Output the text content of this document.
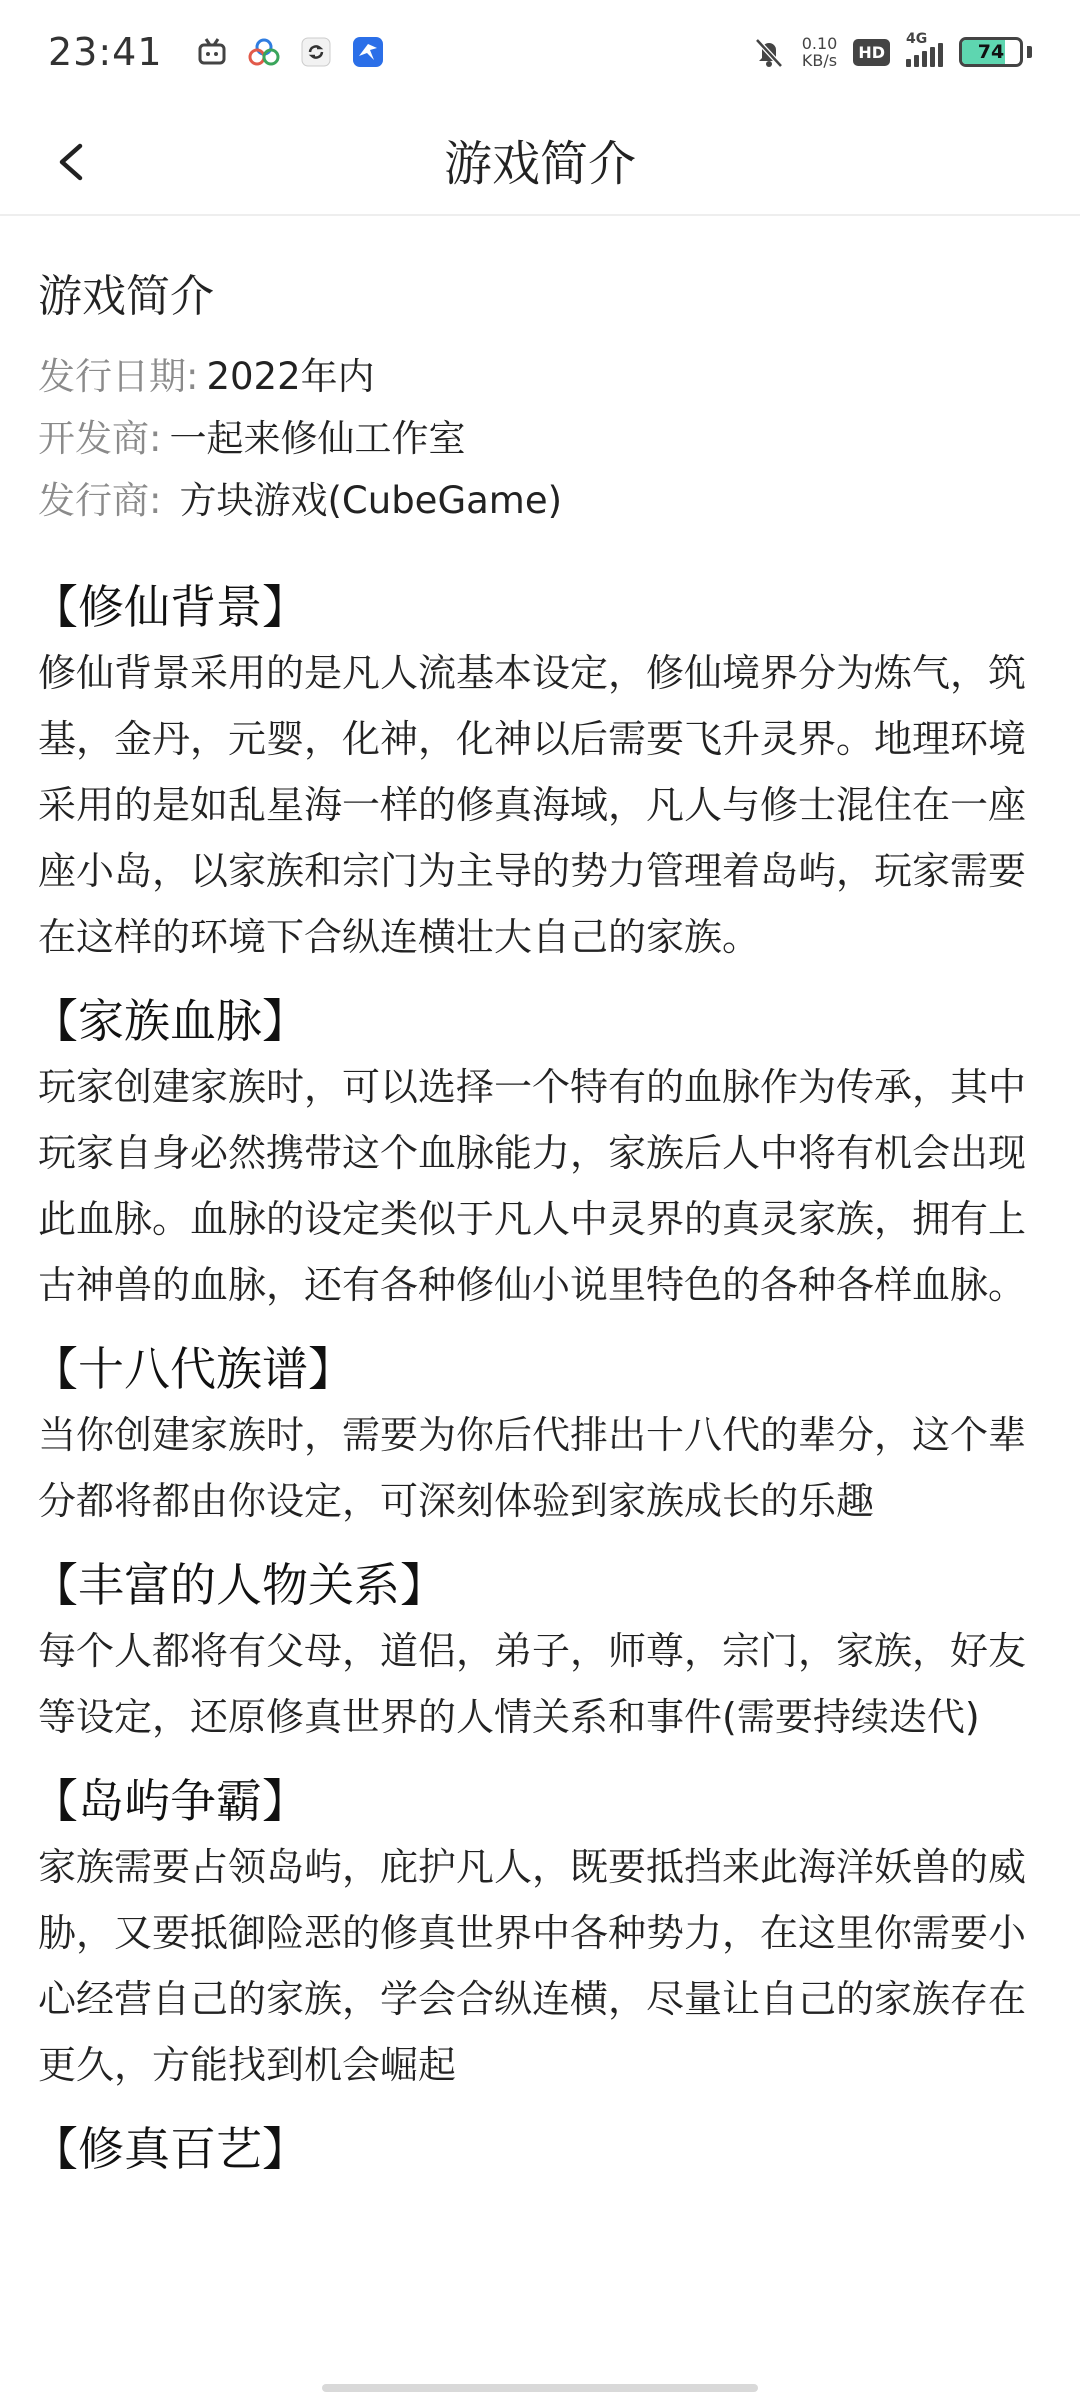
23:41	0.10
KB/s	HD
4G
74
游戏简介
游戏简介
发行日期: 2022年内
开发商: 一起来修仙工作室
发行商: 方块游戏(CubeGame)
【修仙背景】
修仙背景采用的是凡人流基本设定，修仙境界分为炼气，筑基，金丹，元婴，化神，化神以后需要飞升灵界。地理环境采用的是如乱星海一样的修真海域，凡人与修士混住在一座座小岛，以家族和宗门为主导的势力管理着岛屿，玩家需要在这样的环境下合纵连横壮大自己的家族。
【家族血脉】
玩家创建家族时，可以选择一个特有的血脉作为传承，其中玩家自身必然携带这个血脉能力，家族后人中将有机会出现此血脉。血脉的设定类似于凡人中灵界的真灵家族，拥有上古神兽的血脉，还有各种修仙小说里特色的各种各样血脉。
【十八代族谱】
当你创建家族时，需要为你后代排出十八代的辈分，这个辈分都将都由你设定，可深刻体验到家族成长的乐趣
【丰富的人物关系】
每个人都将有父母，道侣，弟子，师尊，宗门，家族，好友等设定，还原修真世界的人情关系和事件(需要持续迭代)
【岛屿争霸】
家族需要占领岛屿，庇护凡人，既要抵挡来此海洋妖兽的威胁，又要抵御险恶的修真世界中各种势力，在这里你需要小心经营自己的家族，学会合纵连横，尽量让自己的家族存在更久，方能找到机会崛起
【修真百艺】
